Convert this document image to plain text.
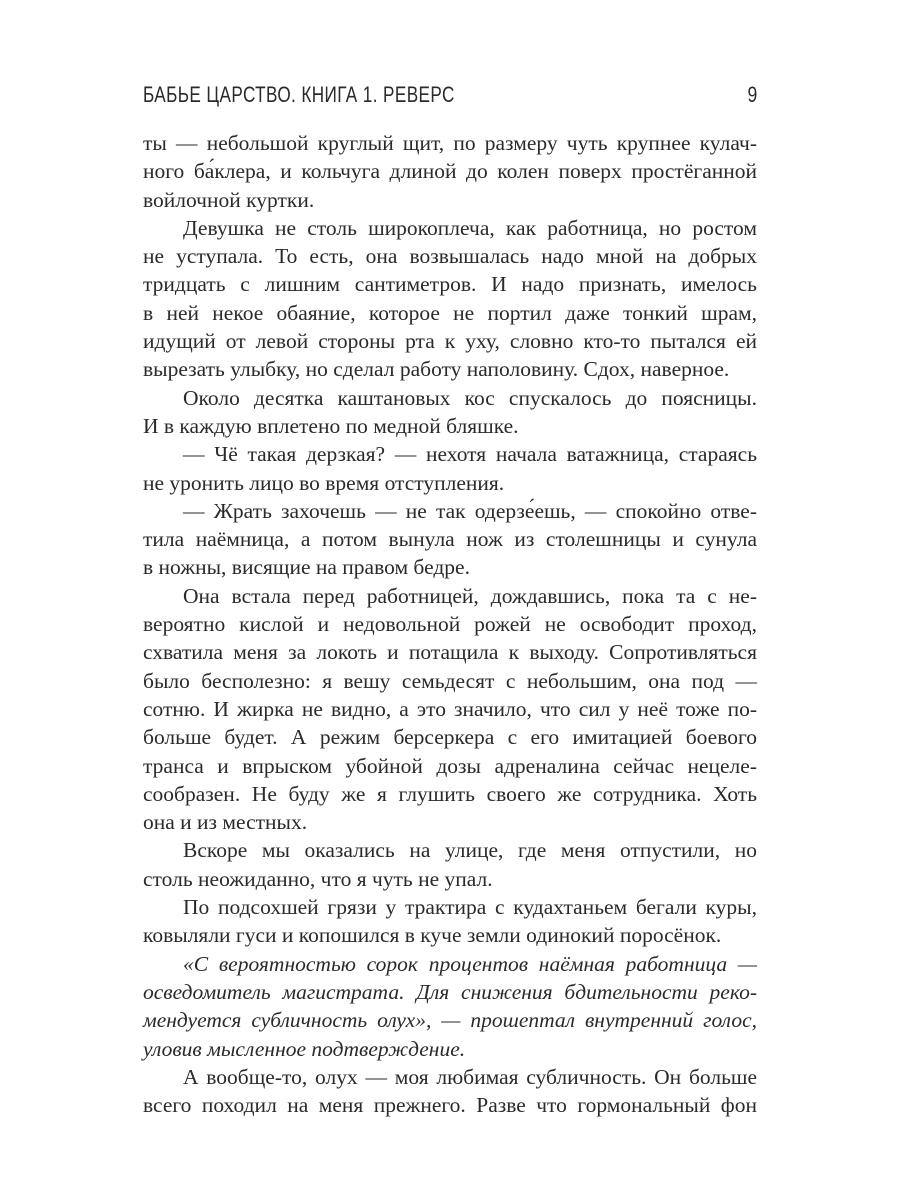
БАБЬЕ ЦАРСТВО. КНИГА 1. РЕВЕРС	9
ты — небольшой круглый щит, по размеру чуть крупнее кулач-
ного ба́клера, и кольчуга длиной до колен поверх простёганной
войлочной куртки.
Девушка не столь широкоплеча, как работница, но ростом
не уступала. То есть, она возвышалась надо мной на добрых
тридцать с лишним сантиметров. И надо признать, имелось
в ней некое обаяние, которое не портил даже тонкий шрам,
идущий от левой стороны рта к уху, словно кто-то пытался ей
вырезать улыбку, но сделал работу наполовину. Сдох, наверное.
Около десятка каштановых кос спускалось до поясницы.
И в каждую вплетено по медной бляшке.
— Чё такая дерзкая? — нехотя начала ватажница, стараясь
не уронить лицо во время отступления.
— Жрать захочешь — не так одерзе́ешь, — спокойно отве-
тила наёмница, а потом вынула нож из столешницы и сунула
в ножны, висящие на правом бедре.
Она встала перед работницей, дождавшись, пока та с не-
вероятно кислой и недовольной рожей не освободит проход,
схватила меня за локоть и потащила к выходу. Сопротивляться
было бесполезно: я вешу семьдесят с небольшим, она под —
сотню. И жирка не видно, а это значило, что сил у неё тоже по-
больше будет. А режим берсеркера с его имитацией боевого
транса и впрыском убойной дозы адреналина сейчас нецеле-
сообразен. Не буду же я глушить своего же сотрудника. Хоть
она и из местных.
Вскоре мы оказались на улице, где меня отпустили, но
столь неожиданно, что я чуть не упал.
По подсохшей грязи у трактира с кудахтаньем бегали куры,
ковыляли гуси и копошился в куче земли одинокий поросёнок.
«С вероятностью сорок процентов наёмная работница —
осведомитель магистрата. Для снижения бдительности реко-
мендуется субличность олух», — прошептал внутренний голос,
уловив мысленное подтверждение.
А вообще-то, олух — моя любимая субличность. Он больше
всего походил на меня прежнего. Разве что гормональный фон
